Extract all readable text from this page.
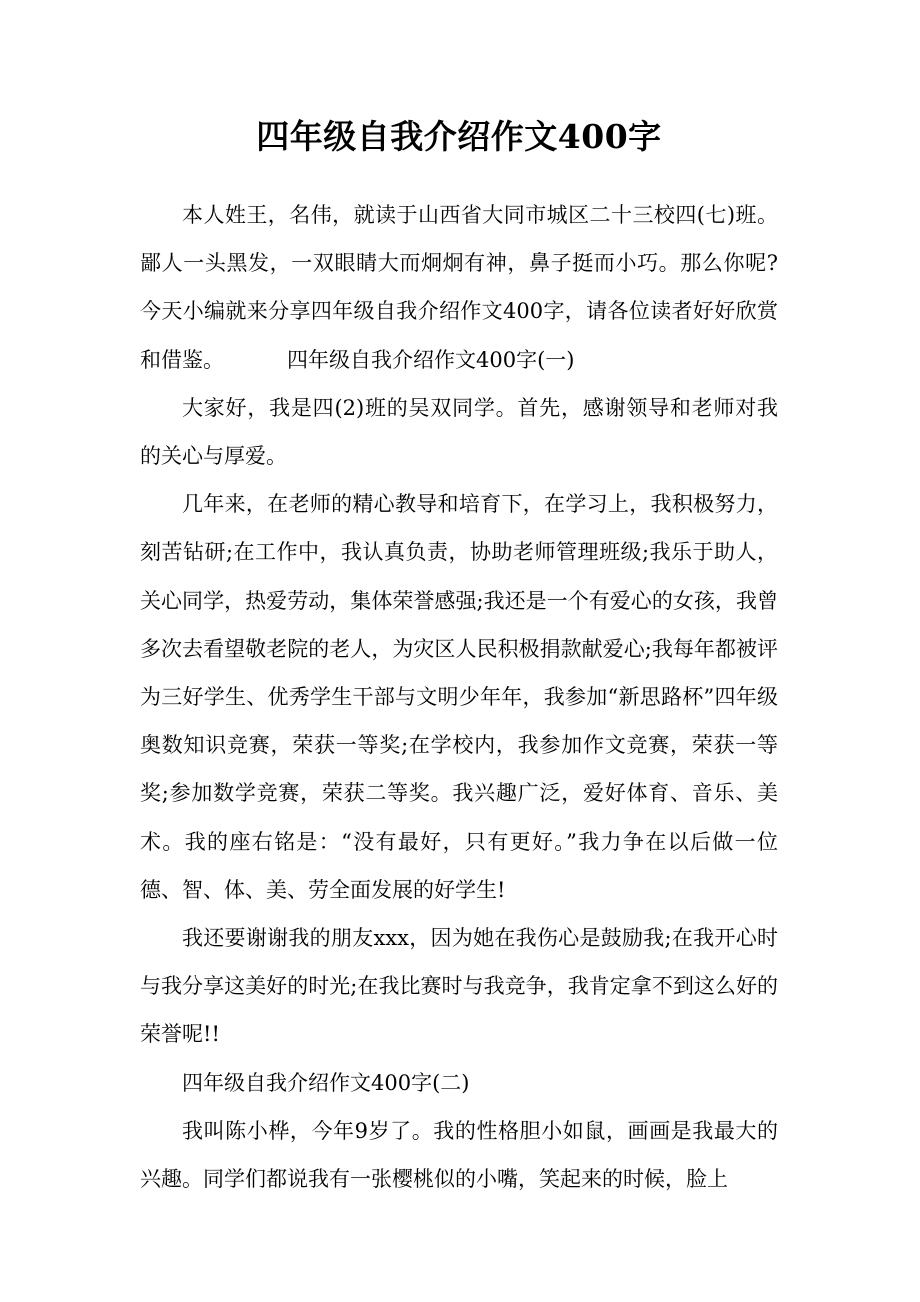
四年级自我介绍作文400字

本人姓王，名伟，就读于山西省大同市城区二十三校四(七)班。鄙人一头黑发，一双眼睛大而炯炯有神，鼻子挺而小巧。那么你呢?今天小编就来分享四年级自我介绍作文400字，请各位读者好好欣赏和借鉴。	四年级自我介绍作文400字(一)

大家好，我是四(2)班的吴双同学。首先，感谢领导和老师对我的关心与厚爱。

几年来，在老师的精心教导和培育下，在学习上，我积极努力，刻苦钻研;在工作中，我认真负责，协助老师管理班级;我乐于助人，关心同学，热爱劳动，集体荣誉感强;我还是一个有爱心的女孩，我曾多次去看望敬老院的老人，为灾区人民积极捐款献爱心;我每年都被评为三好学生、优秀学生干部与文明少年年，我参加“新思路杯”四年级奥数知识竞赛，荣获一等奖;在学校内，我参加作文竞赛，荣获一等奖;参加数学竞赛，荣获二等奖。我兴趣广泛，爱好体育、音乐、美术。我的座右铭是：“没有最好，只有更好。”我力争在以后做一位德、智、体、美、劳全面发展的好学生!

我还要谢谢我的朋友xxx，因为她在我伤心是鼓励我;在我开心时与我分享这美好的时光;在我比赛时与我竞争，我肯定拿不到这么好的荣誉呢!!

四年级自我介绍作文400字(二)

我叫陈小桦，今年9岁了。我的性格胆小如鼠，画画是我最大的兴趣。同学们都说我有一张樱桃似的小嘴，笑起来的时候，脸上
